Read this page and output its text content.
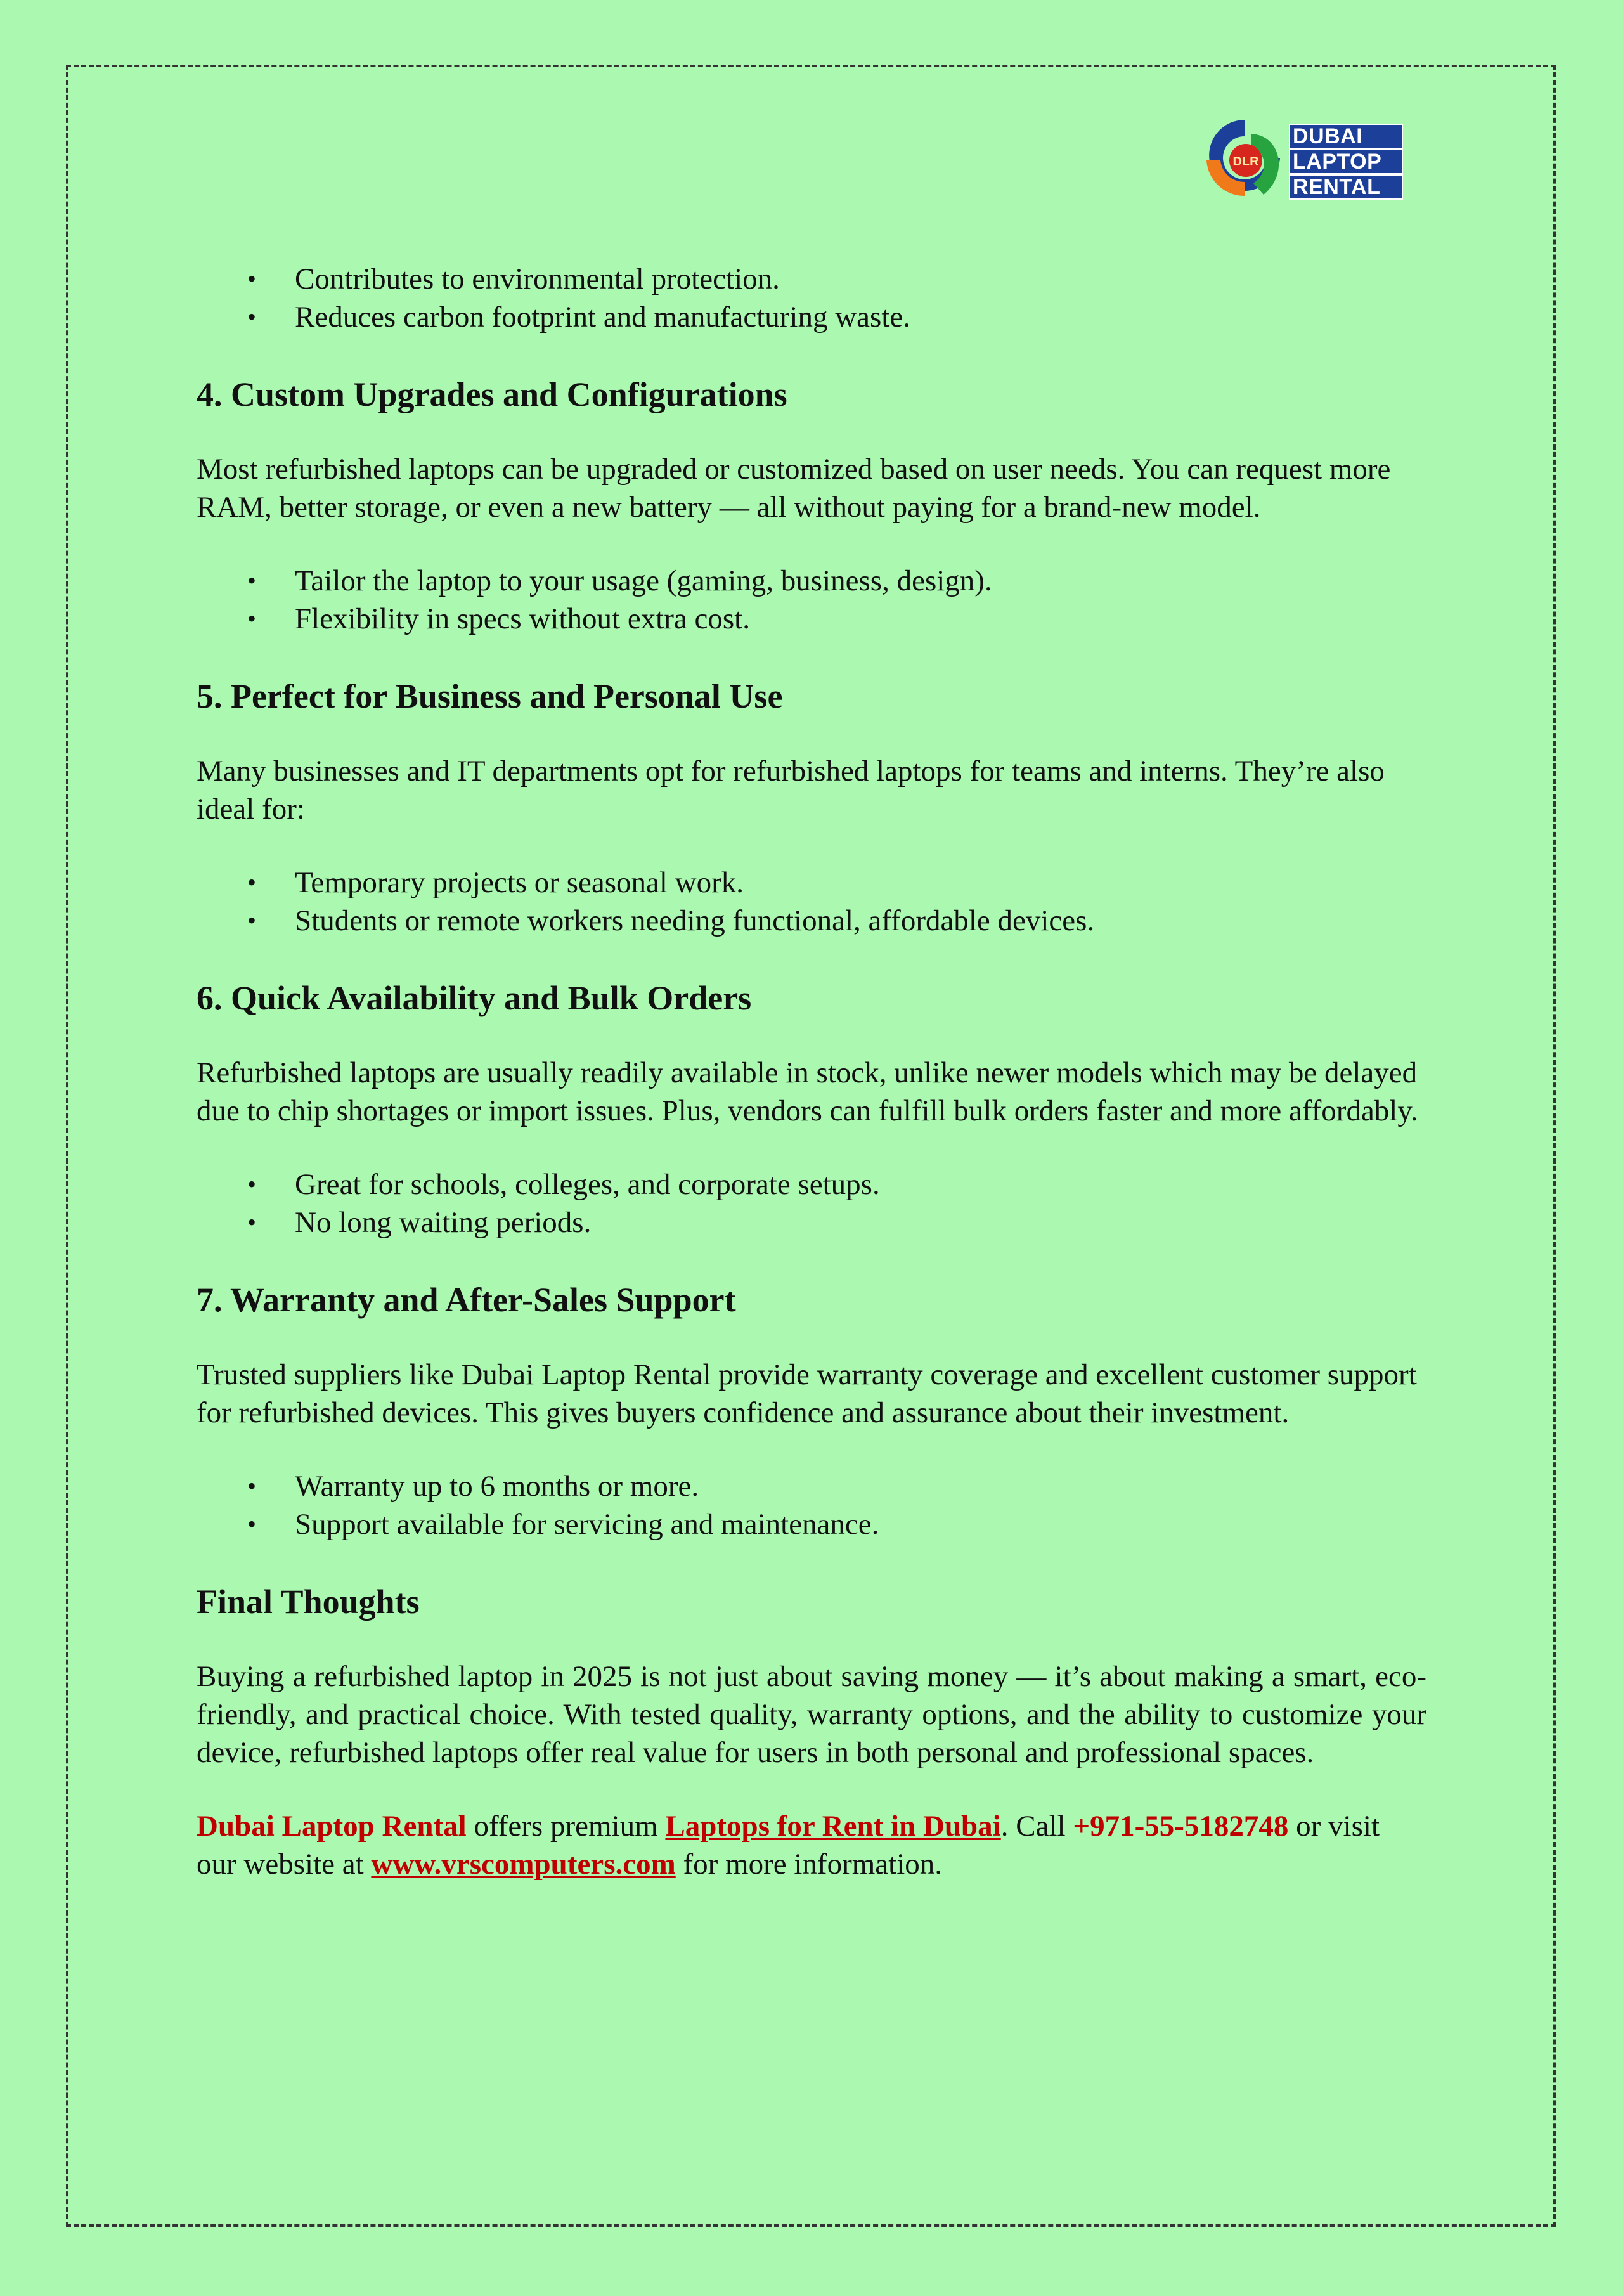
DLR
DUBAI
LAPTOP
RENTAL
• Contributes to environmental protection.
• Reduces carbon footprint and manufacturing waste.
4. Custom Upgrades and Configurations

Most refurbished laptops can be upgraded or customized based on user needs. You can request more RAM, better storage, or even a new battery — all without paying for a brand-new model.

• Tailor the laptop to your usage (gaming, business, design).
• Flexibility in specs without extra cost.
5. Perfect for Business and Personal Use

Many businesses and IT departments opt for refurbished laptops for teams and interns. They’re also ideal for:

• Temporary projects or seasonal work.
• Students or remote workers needing functional, affordable devices.
6. Quick Availability and Bulk Orders

Refurbished laptops are usually readily available in stock, unlike newer models which may be delayed due to chip shortages or import issues. Plus, vendors can fulfill bulk orders faster and more affordably.

• Great for schools, colleges, and corporate setups.
• No long waiting periods.
7. Warranty and After-Sales Support

Trusted suppliers like Dubai Laptop Rental provide warranty coverage and excellent customer support for refurbished devices. This gives buyers confidence and assurance about their investment.

• Warranty up to 6 months or more.
• Support available for servicing and maintenance.
Final Thoughts

Buying a refurbished laptop in 2025 is not just about saving money — it’s about making a smart, eco-friendly, and practical choice. With tested quality, warranty options, and the ability to customize your device, refurbished laptops offer real value for users in both personal and professional spaces.

Dubai Laptop Rental offers premium Laptops for Rent in Dubai. Call +971-55-5182748 or visit our website at www.vrscomputers.com for more information.
